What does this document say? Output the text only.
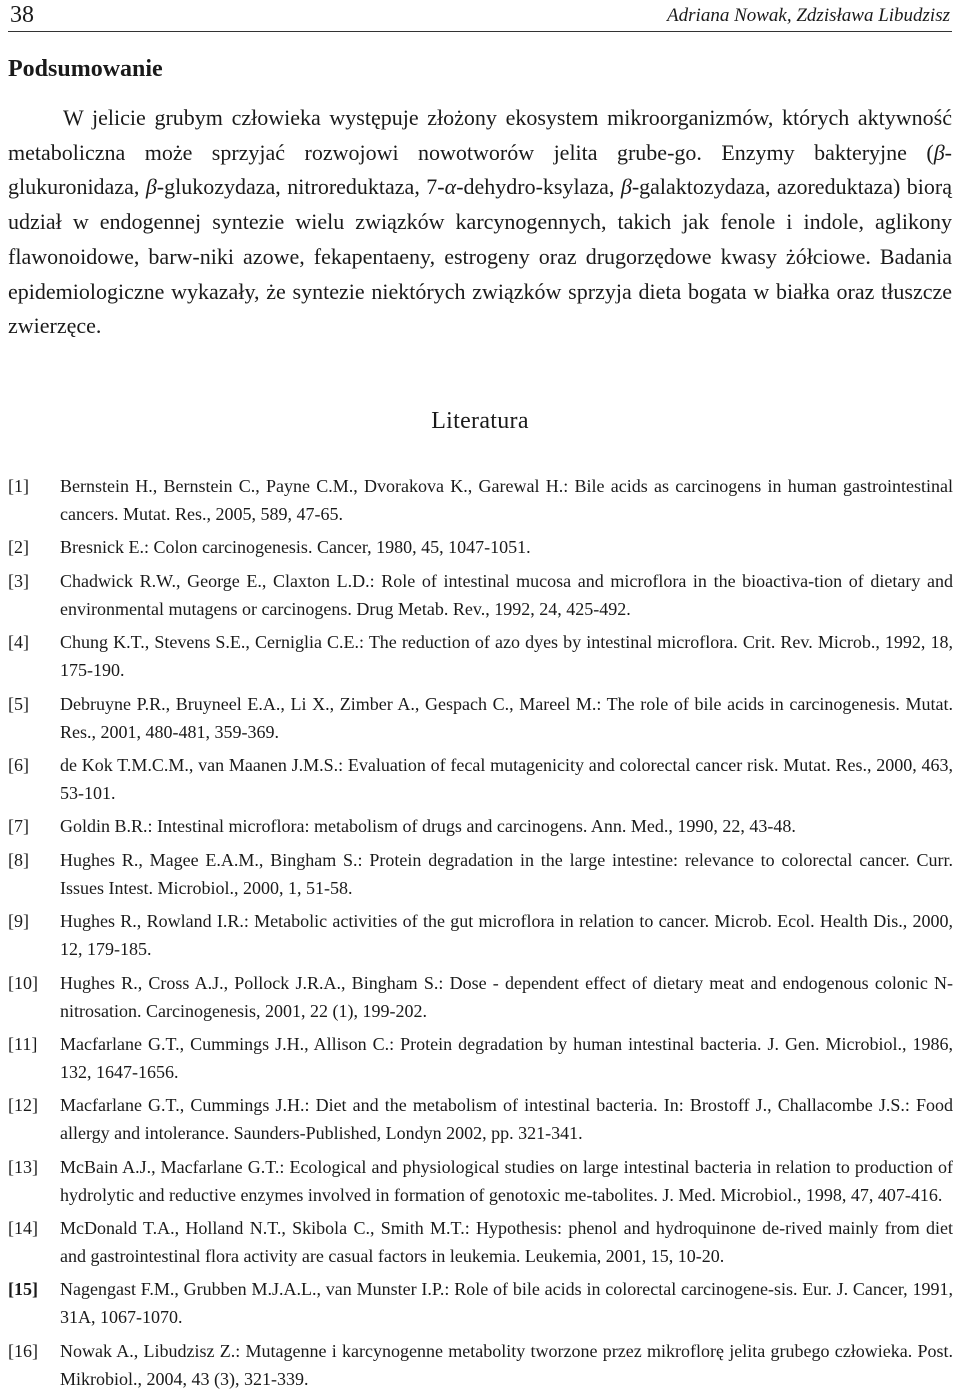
38	Adriana Nowak, Zdzisława Libudzisz
Podsumowanie

W jelicie grubym człowieka występuje złożony ekosystem mikroorganizmów, których aktywność metaboliczna może sprzyjać rozwojowi nowotworów jelita grube-go. Enzymy bakteryjne (β-glukuronidaza, β-glukozydaza, nitroreduktaza, 7-α-dehydro-ksylaza, β-galaktozydaza, azoreduktaza) biorą udział w endogennej syntezie wielu związków karcynogennych, takich jak fenole i indole, aglikony flawonoidowe, barw-niki azowe, fekapentaeny, estrogeny oraz drugorzędowe kwasy żółciowe. Badania epidemiologiczne wykazały, że syntezie niektórych związków sprzyja dieta bogata w białka oraz tłuszcze zwierzęce.

Literatura
[1] Bernstein H., Bernstein C., Payne C.M., Dvorakova K., Garewal H.: Bile acids as carcinogens in human gastrointestinal cancers. Mutat. Res., 2005, 589, 47-65.
[2] Bresnick E.: Colon carcinogenesis. Cancer, 1980, 45, 1047-1051.
[3] Chadwick R.W., George E., Claxton L.D.: Role of intestinal mucosa and microflora in the bioactiva-tion of dietary and environmental mutagens or carcinogens. Drug Metab. Rev., 1992, 24, 425-492.
[4] Chung K.T., Stevens S.E., Cerniglia C.E.: The reduction of azo dyes by intestinal microflora. Crit. Rev. Microb., 1992, 18, 175-190.
[5] Debruyne P.R., Bruyneel E.A., Li X., Zimber A., Gespach C., Mareel M.: The role of bile acids in carcinogenesis. Mutat. Res., 2001, 480-481, 359-369.
[6] de Kok T.M.C.M., van Maanen J.M.S.: Evaluation of fecal mutagenicity and colorectal cancer risk. Mutat. Res., 2000, 463, 53-101.
[7] Goldin B.R.: Intestinal microflora: metabolism of drugs and carcinogens. Ann. Med., 1990, 22, 43-48.
[8] Hughes R., Magee E.A.M., Bingham S.: Protein degradation in the large intestine: relevance to colorectal cancer. Curr. Issues Intest. Microbiol., 2000, 1, 51-58.
[9] Hughes R., Rowland I.R.: Metabolic activities of the gut microflora in relation to cancer. Microb. Ecol. Health Dis., 2000, 12, 179-185.
[10] Hughes R., Cross A.J., Pollock J.R.A., Bingham S.: Dose - dependent effect of dietary meat and endogenous colonic N-nitrosation. Carcinogenesis, 2001, 22 (1), 199-202.
[11] Macfarlane G.T., Cummings J.H., Allison C.: Protein degradation by human intestinal bacteria. J. Gen. Microbiol., 1986, 132, 1647-1656.
[12] Macfarlane G.T., Cummings J.H.: Diet and the metabolism of intestinal bacteria. In: Brostoff J., Challacombe J.S.: Food allergy and intolerance. Saunders-Published, Londyn 2002, pp. 321-341.
[13] McBain A.J., Macfarlane G.T.: Ecological and physiological studies on large intestinal bacteria in relation to production of hydrolytic and reductive enzymes involved in formation of genotoxic me-tabolites. J. Med. Microbiol., 1998, 47, 407-416.
[14] McDonald T.A., Holland N.T., Skibola C., Smith M.T.: Hypothesis: phenol and hydroquinone de-rived mainly from diet and gastrointestinal flora activity are casual factors in leukemia. Leukemia, 2001, 15, 10-20.
[15] Nagengast F.M., Grubben M.J.A.L., van Munster I.P.: Role of bile acids in colorectal carcinogene-sis. Eur. J. Cancer, 1991, 31A, 1067-1070.
[16] Nowak A., Libudzisz Z.: Mutagenne i karcynogenne metabolity tworzone przez mikroflorę jelita grubego człowieka. Post. Mikrobiol., 2004, 43 (3), 321-339.
